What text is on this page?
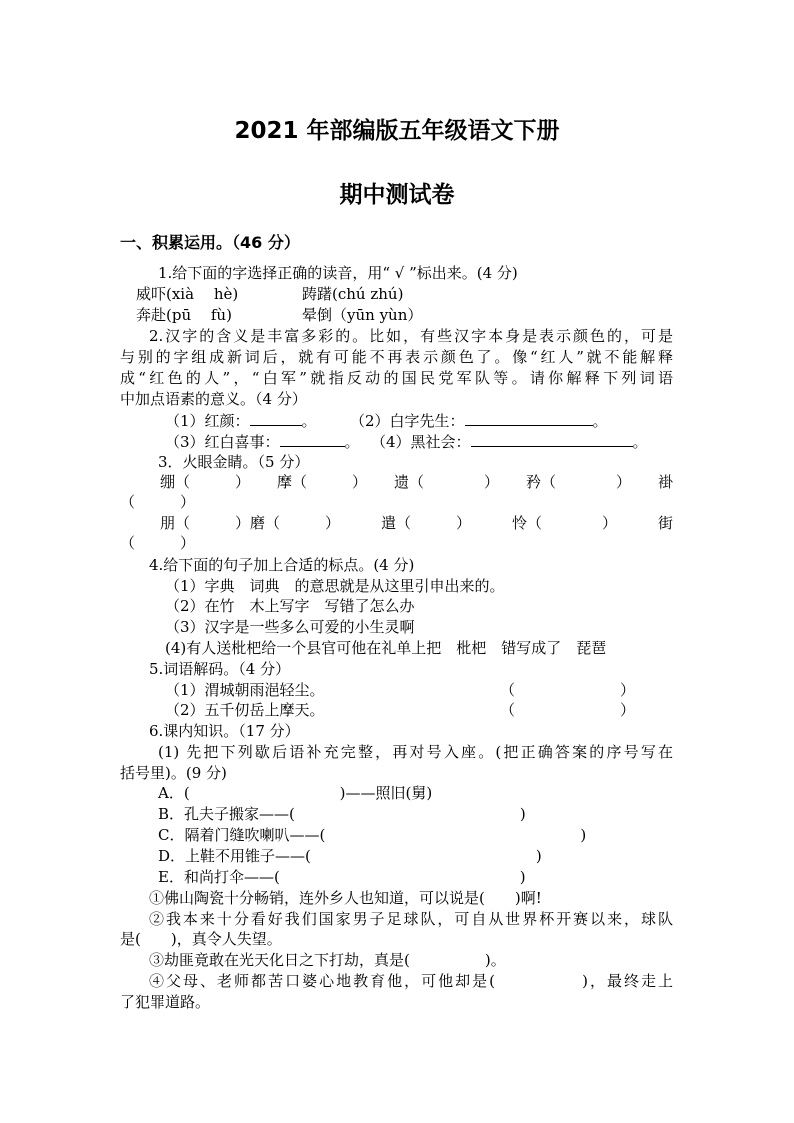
2021 年部编版五年级语文下册
期中测试卷
一、积累运用。（46 分）
1.给下面的字选择正确的读音，用“ √ ”标出来。(4 分)
威吓(xià　 hè)	踌躇(chú zhú)
奔赴(pū　 fù)	晕倒（yūn yùn）
2.汉字的含义是丰富多彩的。比如，有些汉字本身是表示颜色的，可是
与别的字组成新词后，就有可能不再表示颜色了。像“红人”就不能解释
成“红色的人”，“白军”就指反动的国民党军队等。请你解释下列词语
中加点语素的意义。（4 分）
（1）红颜：	。 （2）白字先生：	。
（3）红白喜事：	。 （4）黑社会：	。
3．火眼金睛。（5 分）
绷（　　　） 摩（　　　） 遗（　　　　） 矜（　　　　） 褂
（　　　）
朋（　　　）磨（　　　）	遣（　　　）	怜（　　　　）	街
（　　　）
4.给下面的句子加上合适的标点。(4 分)
（1）字典　词典　的意思就是从这里引申出来的。
（2）在竹　木上写字　写错了怎么办
（3）汉字是一些多么可爱的小生灵啊
(4)有人送枇杷给一个县官可他在礼单上把　枇杷　错写成了　琵琶
5.词语解码。（4 分）
（1）渭城朝雨浥轻尘。	（　　　　　　　）
（2）五千仞岳上摩天。	（　　　　　　　）
6.课内知识。（17 分）
(1) 先把下列歇后语补充完整，再对号入座。(把正确答案的序号写在
括号里)。(9 分)
A．(　　　　　　　　　　)——照旧(舅)
B．孔夫子搬家——(　　　　　　　　　　　　　　　)
C．隔着门缝吹喇叭——(　　　　　　　　　　　　　　　　　)
D．上鞋不用锥子——(　　　　　　　　　　　　　　　)
E．和尚打伞——(　　　　　　　　　　　　　　　　)
①佛山陶瓷十分畅销，连外乡人也知道，可以说是(　　)啊!
②我本来十分看好我们国家男子足球队，可自从世界杯开赛以来，球队
是(　　)，真令人失望。
③劫匪竟敢在光天化日之下打劫，真是(　　　　　)。
④父母、老师都苦口婆心地教育他，可他却是(　　　　　)，最终走上
了犯罪道路。
